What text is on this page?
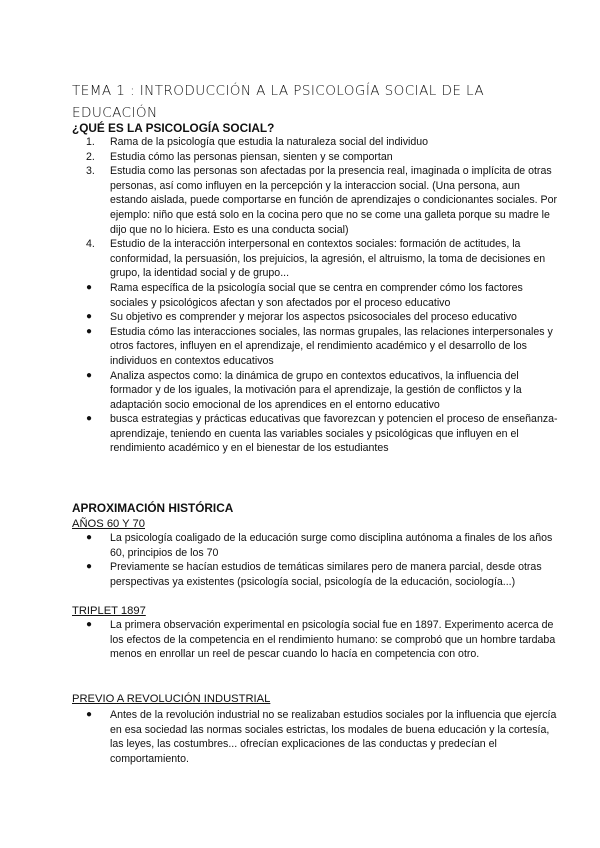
TEMA 1 : INTRODUCCIÓN A LA PSICOLOGÍA SOCIAL DE LA
EDUCACIÓN
¿QUÉ ES LA PSICOLOGÍA SOCIAL?
1.	Rama de la psicología que estudia la naturaleza social del individuo
2.	Estudia cómo las personas piensan, sienten y se comportan
3.	Estudia como las personas son afectadas por la presencia real, imaginada o implícita de otras personas, así como influyen en la percepción y la interaccion social. (Una persona, aun estando aislada, puede comportarse en función de aprendizajes o condicionantes sociales. Por ejemplo: niño que está solo en la cocina pero que no se come una galleta porque su madre le dijo que no lo hiciera. Esto es una conducta social)
4.	Estudio de la interacción interpersonal en contextos sociales: formación de actitudes, la conformidad, la persuasión, los prejuicios, la agresión, el altruismo, la toma de decisiones en grupo, la identidad social y de grupo...
●	Rama específica de la psicología social que se centra en comprender cómo los factores sociales y psicológicos afectan y son afectados por el proceso educativo
●	Su objetivo es comprender y mejorar los aspectos psicosociales del proceso educativo
●	Estudia cómo las interacciones sociales, las normas grupales, las relaciones interpersonales y otros factores, influyen en el aprendizaje, el rendimiento académico y el desarrollo de los individuos en contextos educativos
●	Analiza aspectos como: la dinámica de grupo en contextos educativos, la influencia del formador y de los iguales, la motivación para el aprendizaje, la gestión de conflictos y la adaptación socio emocional de los aprendices en el entorno educativo
●	busca estrategias y prácticas educativas que favorezcan y potencien el proceso de enseñanza-aprendizaje, teniendo en cuenta las variables sociales y psicológicas que influyen en el rendimiento académico y en el bienestar de los estudiantes
APROXIMACIÓN HISTÓRICA
AÑOS 60 Y 70
●	La psicología coaligado de la educación surge como disciplina autónoma a finales de los años 60, principios de los 70
●	Previamente se hacían estudios de temáticas similares pero de manera parcial, desde otras perspectivas ya existentes (psicología social, psicología de la educación, sociología...)
TRIPLET 1897
●	La primera observación experimental en psicología social fue en 1897. Experimento acerca de los efectos de la competencia en el rendimiento humano: se comprobó que un hombre tardaba menos en enrollar un reel de pescar cuando lo hacía en competencia con otro.
PREVIO A REVOLUCIÓN INDUSTRIAL
●	Antes de la revolución industrial no se realizaban estudios sociales por la influencia que ejercía en esa sociedad las normas sociales estrictas, los modales de buena educación y la cortesía, las leyes, las costumbres... ofrecían explicaciones de las conductas y predecían el comportamiento.
